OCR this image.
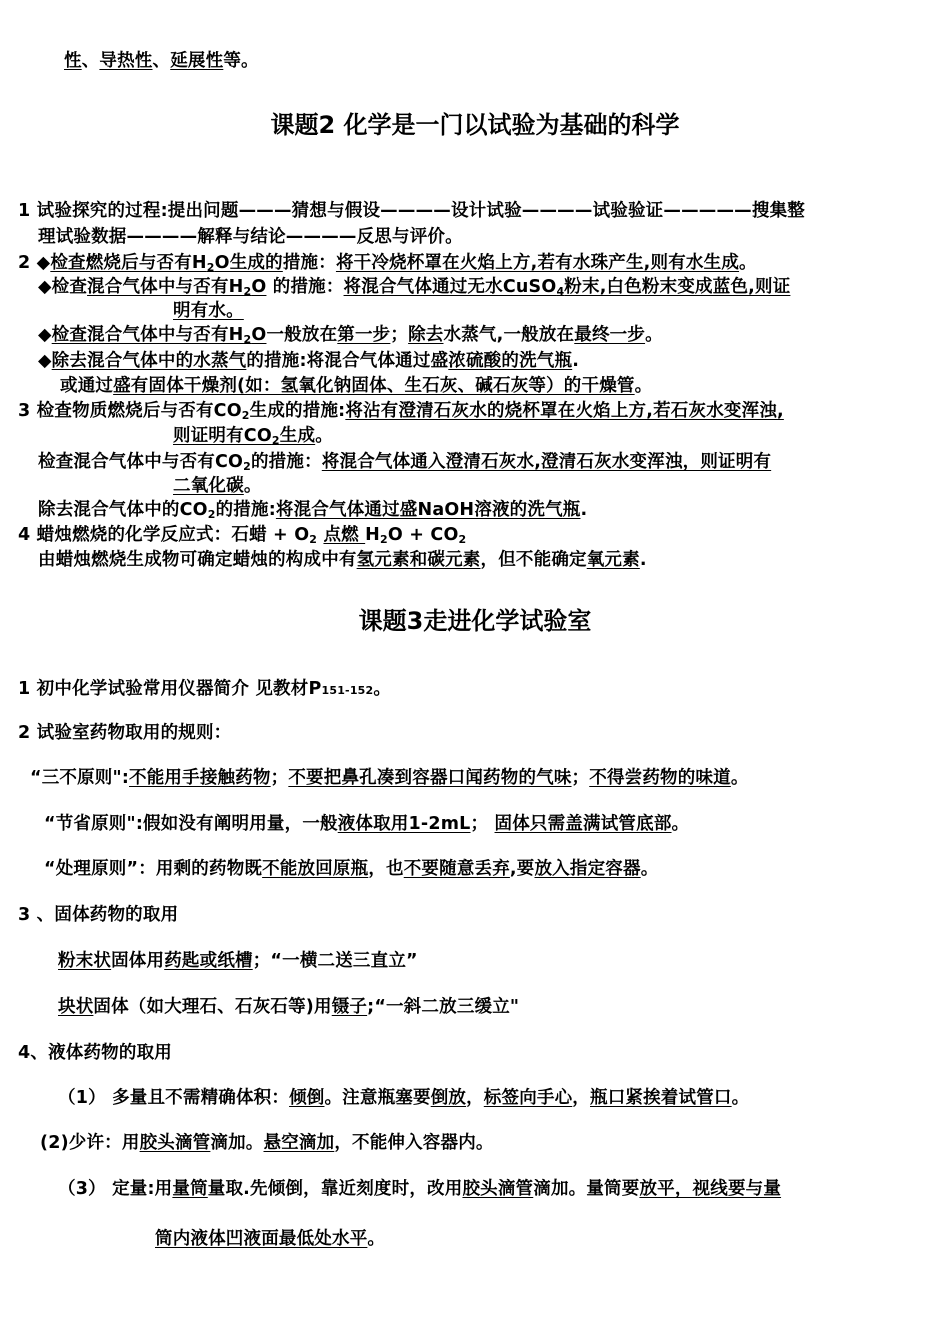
性、导热性、延展性等。
课题2 化学是一门以试验为基础的科学
1 试验探究的过程:提出问题———猜想与假设————设计试验————试验验证—————搜集整
理试验数据————解释与结论————反思与评价。
2 ◆检查燃烧后与否有$H_2O$生成的措施：将干冷烧杯罩在火焰上方,若有水珠产生,则有水生成。
◆检查混合气体中与否有$H_2O$ 的措施：将混合气体通过无水CuSO$_4$粉末,白色粉末变成蓝色,则证
明有水。
◆检查混合气体中与否有$H_2O$一般放在第一步；除去水蒸气,一般放在最终一步。
◆除去混合气体中的水蒸气的措施:将混合气体通过盛浓硫酸的洗气瓶.
或通过盛有固体干燥剂(如：氢氧化钠固体、生石灰、碱石灰等）的干燥管。
3 检查物质燃烧后与否有$CO_2$生成的措施:将沾有澄清石灰水的烧杯罩在火焰上方,若石灰水变浑浊,
则证明有$CO_2$生成。
检查混合气体中与否有$CO_2$的措施：将混合气体通入澄清石灰水,澄清石灰水变浑浊，则证明有
二氧化碳。
除去混合气体中的$CO_2$的措施:将混合气体通过盛NaOH溶液的洗气瓶.
4 蜡烛燃烧的化学反应式：石蜡 + $O_2$ 点燃 $H_2O + CO_2$
由蜡烛燃烧生成物可确定蜡烛的构成中有氢元素和碳元素，但不能确定氧元素.
课题3走进化学试验室
1 初中化学试验常用仪器简介 见教材P151-152。
2 试验室药物取用的规则：
“三不原则":不能用手接触药物；不要把鼻孔凑到容器口闻药物的气味；不得尝药物的味道。
“节省原则":假如没有阐明用量，一般液体取用1-2mL； 固体只需盖满试管底部。
“处理原则”：用剩的药物既不能放回原瓶，也不要随意丢弃,要放入指定容器。
3 、固体药物的取用
粉末状固体用药匙或纸槽；“一横二送三直立”
块状固体（如大理石、石灰石等)用镊子;“一斜二放三缓立"
4、液体药物的取用
（1） 多量且不需精确体积：倾倒。注意瓶塞要倒放，标签向手心，瓶口紧挨着试管口。
(2)少许：用胶头滴管滴加。悬空滴加，不能伸入容器内。
（3） 定量:用量筒量取.先倾倒，靠近刻度时，改用胶头滴管滴加。量筒要放平，视线要与量
筒内液体凹液面最低处水平。
